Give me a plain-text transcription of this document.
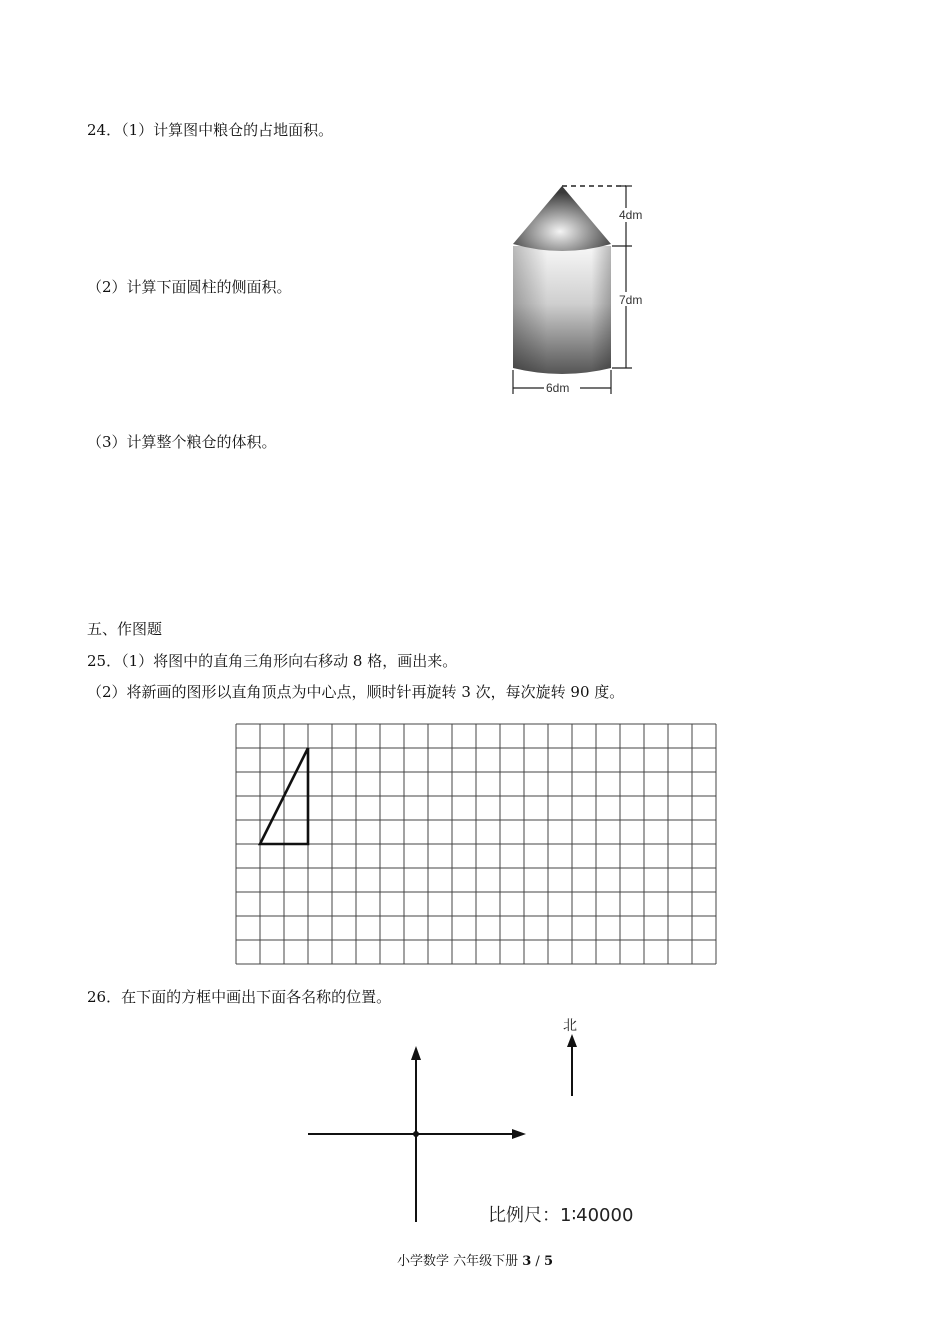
24．（1）计算图中粮仓的占地面积。
（2）计算下面圆柱的侧面积。
（3）计算整个粮仓的体积。
4dm
7dm
6dm
五、作图题
25．（1）将图中的直角三角形向右移动 8 格，画出来。
（2）将新画的图形以直角顶点为中心点，顺时针再旋转 3 次，每次旋转 90 度。
26．在下面的方框中画出下面各名称的位置。
北
比例尺：1∶40000
小学数学 六年级下册 3 / 5
